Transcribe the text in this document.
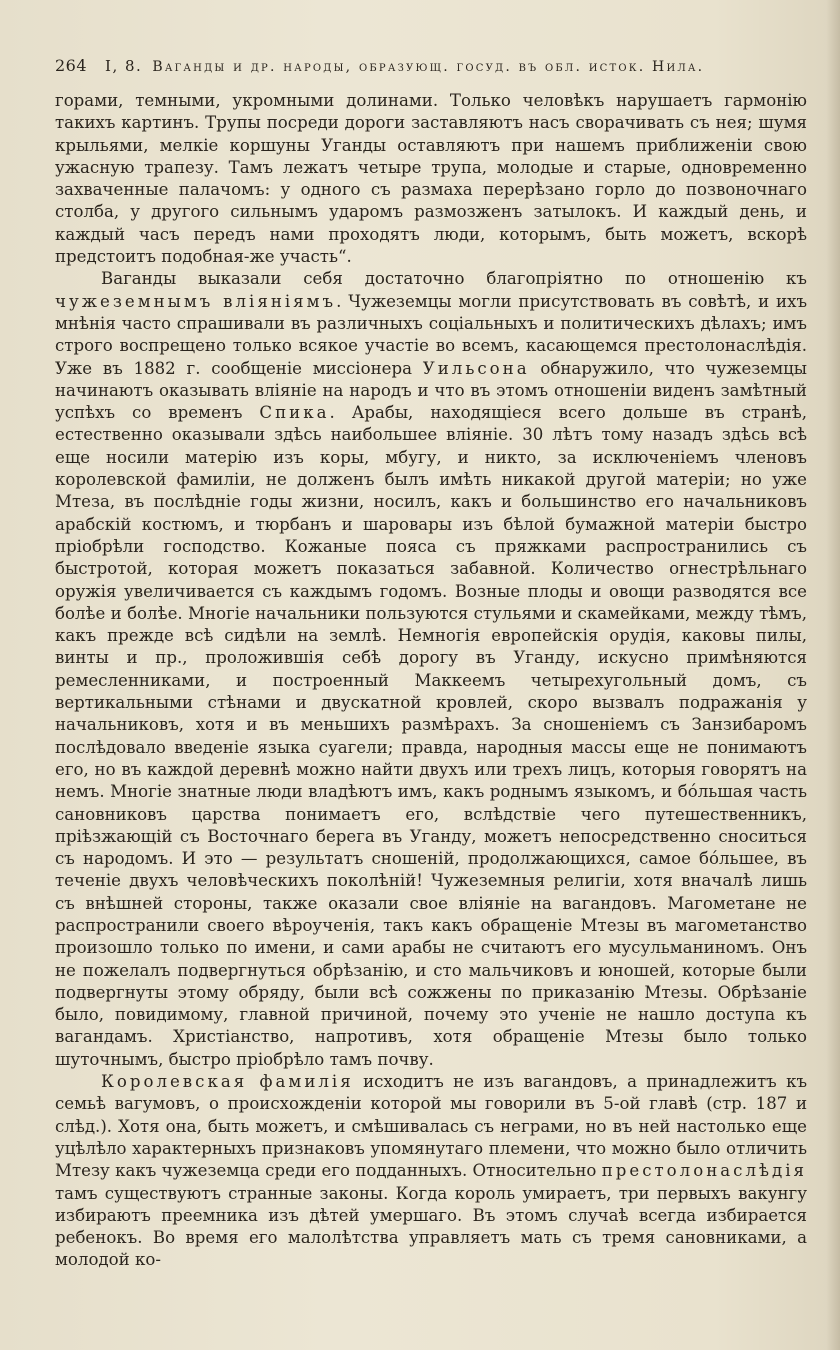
264 I, 8. Ваганды и др. народы, образующ. госуд. въ обл. исток. Нила.

горами, темными, укромными долинами. Только человѣкъ нарушаетъ гармонію такихъ картинъ. Трупы посреди дороги заставляютъ насъ сворачивать съ нея; шумя крыльями, мелкіе коршуны Уганды оставляютъ при нашемъ приближеніи свою ужасную трапезу. Тамъ лежатъ четыре трупа, молодые и старые, одновременно захваченные палачомъ: у одного съ размаха перерѣзано горло до позвоночнаго столба, у другого сильнымъ ударомъ размозженъ затылокъ. И каждый день, и каждый часъ передъ нами проходятъ люди, которымъ, быть можетъ, вскорѣ предстоитъ подобная-же участь“.

Ваганды выказали себя достаточно благопріятно по отношенію къ чужеземнымъ вліяніямъ. Чужеземцы могли присутствовать въ совѣтѣ, и ихъ мнѣнія часто спрашивали въ различныхъ соціальныхъ и политическихъ дѣлахъ; имъ строго воспрещено только всякое участіе во всемъ, касающемся престолонаслѣдія. Уже въ 1882 г. сообщеніе миссіонера Уильсона обнаружило, что чужеземцы начинаютъ оказывать вліяніе на народъ и что въ этомъ отношеніи виденъ замѣтный успѣхъ со временъ Спика. Арабы, находящіеся всего дольше въ странѣ, естественно оказывали здѣсь наибольшее вліяніе. 30 лѣтъ тому назадъ здѣсь всѣ еще носили матерію изъ коры, мбугу, и никто, за исключеніемъ членовъ королевской фамиліи, не долженъ былъ имѣть никакой другой матеріи; но уже Мтеза, въ послѣдніе годы жизни, носилъ, какъ и большинство его начальниковъ арабскій костюмъ, и тюрбанъ и шаровары изъ бѣлой бумажной матеріи быстро пріобрѣли господство. Кожаные пояса съ пряжками распространились съ быстротой, которая можетъ показаться забавной. Количество огнестрѣльнаго оружія увеличивается съ каждымъ годомъ. Возные плоды и овощи разводятся все болѣе и болѣе. Многіе начальники пользуются стульями и скамейками, между тѣмъ, какъ прежде всѣ сидѣли на землѣ. Немногія европейскія орудія, каковы пилы, винты и пр., проложившія себѣ дорогу въ Уганду, искусно примѣняются ремесленниками, и построенный Маккеемъ четырехугольный домъ, съ вертикальными стѣнами и двускатной кровлей, скоро вызвалъ подражанія у начальниковъ, хотя и въ меньшихъ размѣрахъ. За сношеніемъ съ Занзибаромъ послѣдовало введеніе языка суагели; правда, народныя массы еще не понимаютъ его, но въ каждой деревнѣ можно найти двухъ или трехъ лицъ, которыя говорятъ на немъ. Многіе знатные люди владѣютъ имъ, какъ роднымъ языкомъ, и бóльшая часть сановниковъ царства понимаетъ его, вслѣдствіе чего путешественникъ, пріѣзжающій съ Восточнаго берега въ Уганду, можетъ непосредственно сноситься съ народомъ. И это — результатъ сношеній, продолжающихся, самое бóльшее, въ теченіе двухъ человѣческихъ поколѣній! Чужеземныя религіи, хотя вначалѣ лишь съ внѣшней стороны, также оказали свое вліяніе на вагандовъ. Магометане не распространили своего вѣроученія, такъ какъ обращеніе Мтезы въ магометанство произошло только по имени, и сами арабы не считаютъ его мусульманиномъ. Онъ не пожелалъ подвергнуться обрѣзанію, и сто мальчиковъ и юношей, которые были подвергнуты этому обряду, были всѣ сожжены по приказанію Мтезы. Обрѣзаніе было, повидимому, главной причиной, почему это ученіе не нашло доступа къ вагандамъ. Христіанство, напротивъ, хотя обращеніе Мтезы было только шуточнымъ, быстро пріобрѣло тамъ почву.

Королевская фамилія исходитъ не изъ вагандовъ, а принадлежитъ къ семьѣ вагумовъ, о происхожденіи которой мы говорили въ 5-ой главѣ (стр. 187 и слѣд.). Хотя она, быть можетъ, и смѣшивалась съ неграми, но въ ней настолько еще уцѣлѣло характерныхъ признаковъ упомянутаго племени, что можно было отличить Мтезу какъ чужеземца среди его подданныхъ. Относительно престолонаслѣдія тамъ существуютъ странные законы. Когда король умираетъ, три первыхъ вакунгу избираютъ преемника изъ дѣтей умершаго. Въ этомъ случаѣ всегда избирается ребенокъ. Во время его малолѣтства управляетъ мать съ тремя сановниками, а молодой ко-
